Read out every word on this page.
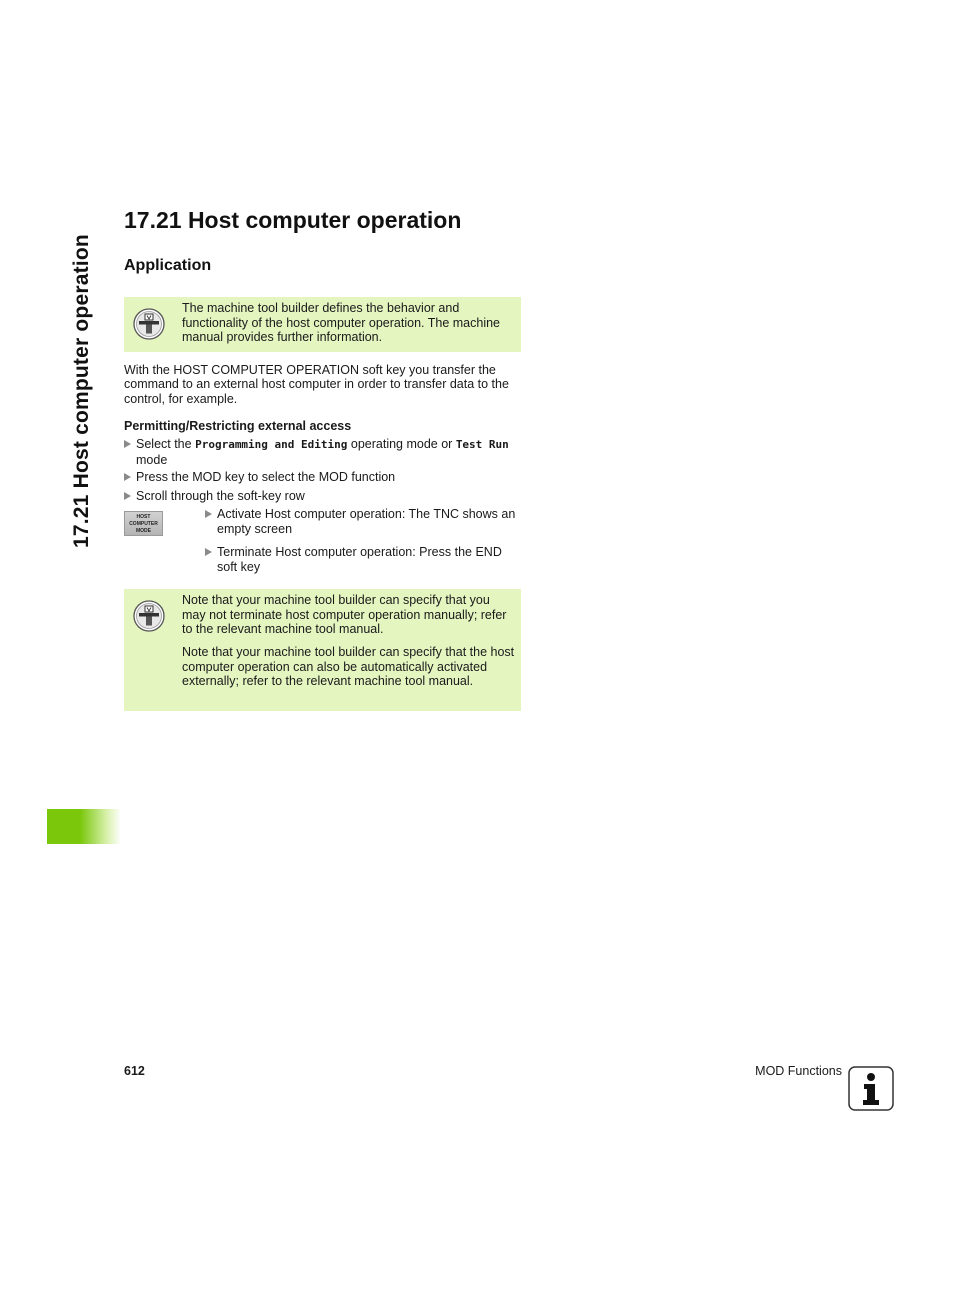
17.21 Host computer operation
17.21 Host computer operation
Application

The machine tool builder defines the behavior and functionality of the host computer operation. The machine manual provides further information.

With the HOST COMPUTER OPERATION soft key you transfer the command to an external host computer in order to transfer data to the control, for example.

Permitting/Restricting external access

Select the Programming and Editing operating mode or Test Run
mode

Press the MOD key to select the MOD function

Scroll through the soft-key row

HOST
COMPUTER
MODE

Activate Host computer operation: The TNC shows an empty screen

Terminate Host computer operation: Press the END soft key

Note that your machine tool builder can specify that you may not terminate host computer operation manually; refer to the relevant machine tool manual.

Note that your machine tool builder can specify that the host computer operation can also be automatically activated externally; refer to the relevant machine tool manual.

612	MOD Functions
